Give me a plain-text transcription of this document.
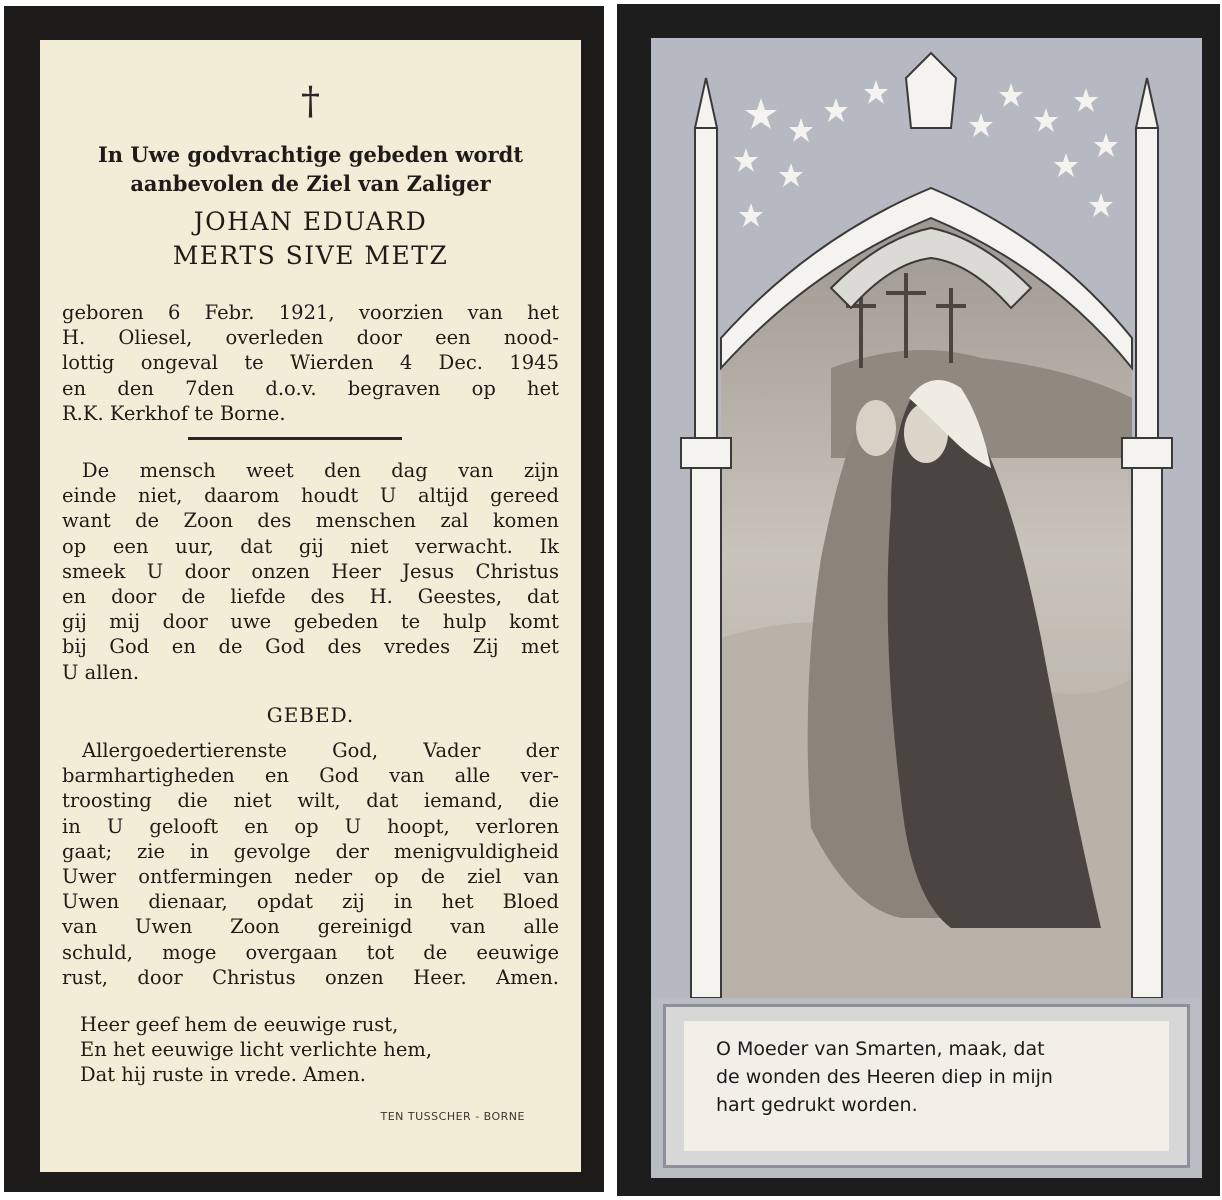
†
In Uwe godvrachtige gebeden wordt
aanbevolen de Ziel van Zaliger
JOHAN EDUARD
MERTS SIVE METZ
geboren 6 Febr. 1921, voorzien van het
H. Oliesel, overleden door een nood-
lottig ongeval te Wierden 4 Dec. 1945
en den 7den d.o.v. begraven op het
R.K. Kerkhof te Borne.
De mensch weet den dag van zijn
einde niet, daarom houdt U altijd gereed
want de Zoon des menschen zal komen
op een uur, dat gij niet verwacht. Ik
smeek U door onzen Heer Jesus Christus
en door de liefde des H. Geestes, dat
gij mij door uwe gebeden te hulp komt
bij God en de God des vredes Zij met
U allen.
GEBED.
Allergoedertierenste God, Vader der
barmhartigheden en God van alle ver-
troosting die niet wilt, dat iemand, die
in U gelooft en op U hoopt, verloren
gaat; zie in gevolge der menigvuldigheid
Uwer ontfermingen neder op de ziel van
Uwen dienaar, opdat zij in het Bloed
van Uwen Zoon gereinigd van alle
schuld, moge overgaan tot de eeuwige
rust, door Christus onzen Heer. Amen.
Heer geef hem de eeuwige rust,
En het eeuwige licht verlichte hem,
Dat hij ruste in vrede. Amen.
TEN TUSSCHER - BORNE
O Moeder van Smarten, maak, dat
de wonden des Heeren diep in mijn
hart gedrukt worden.
